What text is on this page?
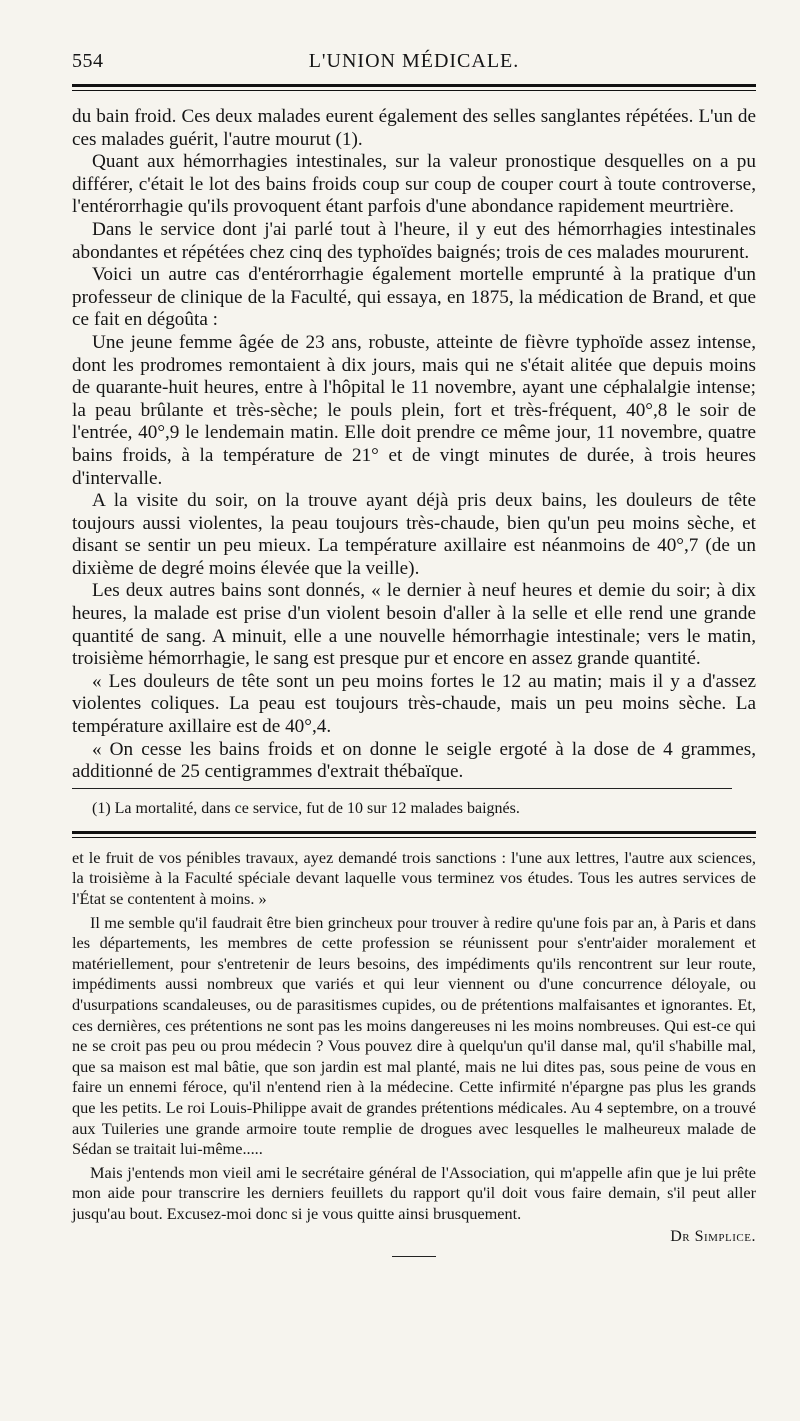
554	L'UNION MÉDICALE.

du bain froid. Ces deux malades eurent également des selles sanglantes répétées. L'un de ces malades guérit, l'autre mourut (1).

Quant aux hémorrhagies intestinales, sur la valeur pronostique desquelles on a pu différer, c'était le lot des bains froids coup sur coup de couper court à toute controverse, l'entérorrhagie qu'ils provoquent étant parfois d'une abondance rapidement meurtrière.

Dans le service dont j'ai parlé tout à l'heure, il y eut des hémorrhagies intestinales abondantes et répétées chez cinq des typhoïdes baignés; trois de ces malades moururent.

Voici un autre cas d'entérorrhagie également mortelle emprunté à la pratique d'un professeur de clinique de la Faculté, qui essaya, en 1875, la médication de Brand, et que ce fait en dégoûta :

Une jeune femme âgée de 23 ans, robuste, atteinte de fièvre typhoïde assez intense, dont les prodromes remontaient à dix jours, mais qui ne s'était alitée que depuis moins de quarante-huit heures, entre à l'hôpital le 11 novembre, ayant une céphalalgie intense; la peau brûlante et très-sèche; le pouls plein, fort et très-fréquent, 40°,8 le soir de l'entrée, 40°,9 le lendemain matin. Elle doit prendre ce même jour, 11 novembre, quatre bains froids, à la température de 21° et de vingt minutes de durée, à trois heures d'intervalle.

A la visite du soir, on la trouve ayant déjà pris deux bains, les douleurs de tête toujours aussi violentes, la peau toujours très-chaude, bien qu'un peu moins sèche, et disant se sentir un peu mieux. La température axillaire est néanmoins de 40°,7 (de un dixième de degré moins élevée que la veille).

Les deux autres bains sont donnés, « le dernier à neuf heures et demie du soir; à dix heures, la malade est prise d'un violent besoin d'aller à la selle et elle rend une grande quantité de sang. A minuit, elle a une nouvelle hémorrhagie intestinale; vers le matin, troisième hémorrhagie, le sang est presque pur et encore en assez grande quantité.

« Les douleurs de tête sont un peu moins fortes le 12 au matin; mais il y a d'assez violentes coliques. La peau est toujours très-chaude, mais un peu moins sèche. La température axillaire est de 40°,4.

« On cesse les bains froids et on donne le seigle ergoté à la dose de 4 grammes, additionné de 25 centigrammes d'extrait thébaïque.

(1) La mortalité, dans ce service, fut de 10 sur 12 malades baignés.

et le fruit de vos pénibles travaux, ayez demandé trois sanctions : l'une aux lettres, l'autre aux sciences, la troisième à la Faculté spéciale devant laquelle vous terminez vos études. Tous les autres services de l'État se contentent à moins. »

Il me semble qu'il faudrait être bien grincheux pour trouver à redire qu'une fois par an, à Paris et dans les départements, les membres de cette profession se réunissent pour s'entr'aider moralement et matériellement, pour s'entretenir de leurs besoins, des impédiments qu'ils rencontrent sur leur route, impédiments aussi nombreux que variés et qui leur viennent ou d'une concurrence déloyale, ou d'usurpations scandaleuses, ou de parasitismes cupides, ou de prétentions malfaisantes et ignorantes. Et, ces dernières, ces prétentions ne sont pas les moins dangereuses ni les moins nombreuses. Qui est-ce qui ne se croit pas peu ou prou médecin ? Vous pouvez dire à quelqu'un qu'il danse mal, qu'il s'habille mal, que sa maison est mal bâtie, que son jardin est mal planté, mais ne lui dites pas, sous peine de vous en faire un ennemi féroce, qu'il n'entend rien à la médecine. Cette infirmité n'épargne pas plus les grands que les petits. Le roi Louis-Philippe avait de grandes prétentions médicales. Au 4 septembre, on a trouvé aux Tuileries une grande armoire toute remplie de drogues avec lesquelles le malheureux malade de Sédan se traitait lui-même.....

Mais j'entends mon vieil ami le secrétaire général de l'Association, qui m'appelle afin que je lui prête mon aide pour transcrire les derniers feuillets du rapport qu'il doit vous faire demain, s'il peut aller jusqu'au bout. Excusez-moi donc si je vous quitte ainsi brusquement.

Dr Simplice.
